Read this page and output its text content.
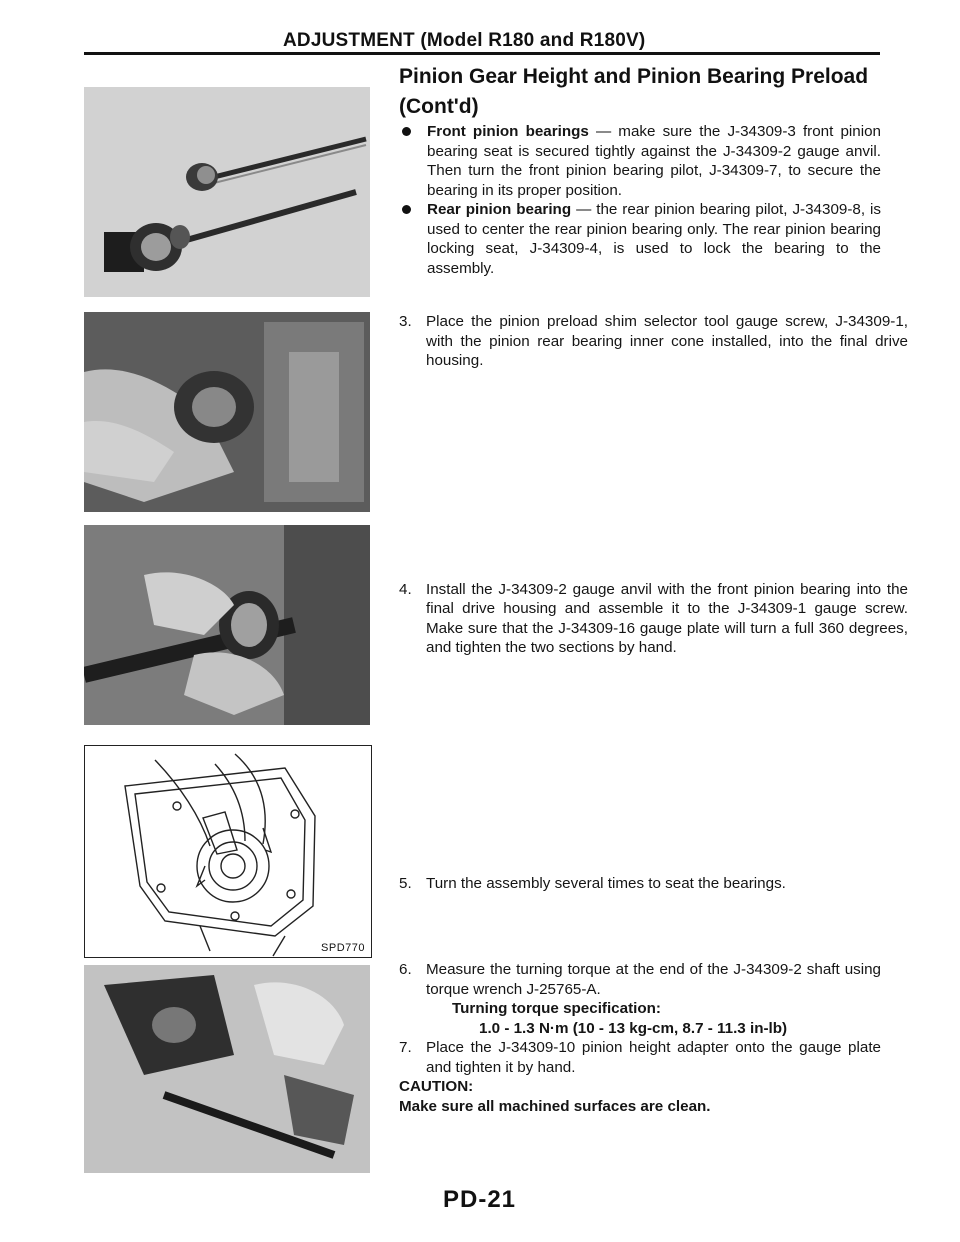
ADJUSTMENT (Model R180 and R180V)
Pinion Gear Height and Pinion Bearing Preload
(Cont'd)
Front pinion bearings — make sure the J-34309-3 front pinion bearing seat is secured tightly against the J-34309-2 gauge anvil. Then turn the front pinion bearing pilot, J-34309-7, to secure the bearing in its proper position.
Rear pinion bearing — the rear pinion bearing pilot, J-34309-8, is used to center the rear pinion bearing only. The rear pinion bearing locking seat, J-34309-4, is used to lock the bearing to the assembly.
3. Place the pinion preload shim selector tool gauge screw, J-34309-1, with the pinion rear bearing inner cone installed, into the final drive housing.
4. Install the J-34309-2 gauge anvil with the front pinion bearing into the final drive housing and assemble it to the J-34309-1 gauge screw. Make sure that the J-34309-16 gauge plate will turn a full 360 degrees, and tighten the two sections by hand.
5. Turn the assembly several times to seat the bearings.
6. Measure the turning torque at the end of the J-34309-2 shaft using torque wrench J-25765-A.
Turning torque specification:
1.0 - 1.3 N·m (10 - 13 kg-cm, 8.7 - 11.3 in-lb)
7. Place the J-34309-10 pinion height adapter onto the gauge plate and tighten it by hand.
CAUTION:
Make sure all machined surfaces are clean.
SPD770
PD-21
